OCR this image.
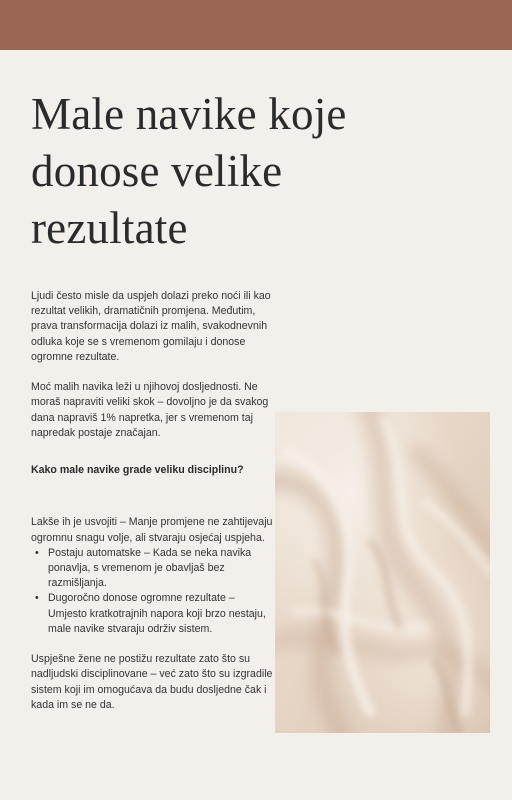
Male navike koje
donose velike
rezultate

Ljudi često misle da uspjeh dolazi preko noći ili kao rezultat velikih, dramatičnih promjena. Međutim, prava transformacija dolazi iz malih, svakodnevnih odluka koje se s vremenom gomilaju i donose ogromne rezultate.

Moć malih navika leži u njihovoj dosljednosti. Ne moraš napraviti veliki skok – dovoljno je da svakog dana napraviš 1% napretka, jer s vremenom taj napredak postaje značajan.

Kako male navike grade veliku disciplinu?

Lakše ih je usvojiti – Manje promjene ne zahtijevaju ogromnu snagu volje, ali stvaraju osjećaj uspjeha.

• Postaju automatske – Kada se neka navika ponavlja, s vremenom je obavljaš bez razmišljanja.
• Dugoročno donose ogromne rezultate – Umjesto kratkotrajnih napora koji brzo nestaju, male navike stvaraju održiv sistem.

Uspješne žene ne postižu rezultate zato što su nadljudski disciplinovane – već zato što su izgradile sistem koji im omogućava da budu dosljedne čak i kada im se ne da.
